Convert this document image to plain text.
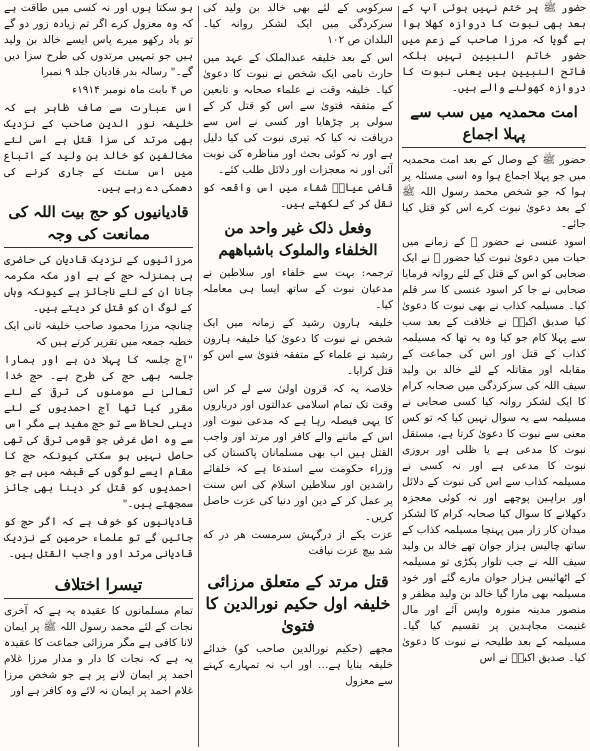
حضور ﷺ پر ختم نہیں ہوئی آپ کے بعد بھی نبوت کا دروازہ کھلا ہوا ہے گویا کہ مرزا صاحب کے زعم میں حضور خاتم النبیین نہیں بلکہ فاتح النبیین ہیں یعنی نبوت کا دروازہ کھولنے والے ہیں۔

امت محمدیہ میں سب سے پہلا اجماع

حضور ﷺ کے وصال کے بعد امت محمدیہ میں جو پہلا اجماع ہوا وہ اسی مسئلہ پر ہوا کہ جو شخص محمد رسول اللہ ﷺ کے بعد دعویٰ نبوت کرے اس کو قتل کیا جائے۔

اسود عنسی نے حضور ﷺ کے زمانے میں حیات میں دعویٰ نبوت کیا حضور ﷺ نے ایک صحابی کو اس کے قتل کے لئے روانہ فرمایا صحابی نے جا کر اسود عنسی کا سر قلم کیا۔ مسیلمہ کذاب نے بھی نبوت کا دعویٰ کیا صدیق اکبرؓ نے خلافت کے بعد سب سے پہلا کام جو کیا وہ یہ تھا کہ مسیلمہ کذاب کے قتل اور اس کی جماعت کے مقابلہ اور مقاتلہ کے لئے خالد بن ولید سیف اللہ کی سرکردگی میں صحابہ کرام کا ایک لشکر روانہ کیا کسی صحابی نے مسیلمہ سے یہ سوال نہیں کیا کہ تو کس معنی سے نبوت کا دعویٰ کرتا ہے، مستقل نبوت کا مدعی ہے یا ظلی اور بروزی نبوت کا مدعی ہے اور نہ کسی نے مسیلمہ کذاب سے اس کی نبوت کے دلائل اور براہین پوچھے اور نہ کوئی معجزہ دکھلانے کا سوال کیا صحابہ کرام کا لشکر میدان کار زار میں پہنچا مسیلمہ کذاب کے ساتھ چالیس ہزار جوان تھے خالد بن ولید سیف اللہ نے جب تلوار پکڑی تو مسیلمہ کے اٹھائیس ہزار جوان مارے گئے اور خود مسیلمہ بھی مارا گیا خالد بن ولید مظفر و منصور مدینہ منورہ واپس آئے اور مال غنیمت مجاہدین پر تقسیم کیا گیا۔ مسیلمہ کے بعد طلیحہ نے نبوت کا دعویٰ کیا۔ صدیق اکبرؓ نے اس

سرکوبی کے لئے بھی خالد بن ولید کی سرکردگی میں ایک لشکر روانہ کیا۔ البلدان ص ۱۰۲

اس کے بعد خلیفہ عبدالملک کے عہد میں حارث نامی ایک شخص نے نبوت کا دعویٰ کیا۔ خلیفہ وقت نے علماء صحابہ و تابعین کے متفقہ فتویٰ سے اس کو قتل کر کے سولی پر چڑھایا اور کسی نے اس سے دریافت نہ کیا کہ تیری نبوت کی کیا دلیل ہے اور نہ کوئی بحث اور مناظرہ کی نوبت آئی اور نہ معجزات اور دلائل طلب کئے۔

قاضی عیاضؒ شفاء میں اس واقعہ کو نقل کر کے لکھتے ہیں۔

وفعل ذلک غیر واحد من الخلفاء والملوک باشباههم

ترجمہ: بہت سے خلفاء اور سلاطین نے مدعیان نبوت کے ساتھ ایسا ہی معاملہ کیا۔

خلیفہ ہارون رشید کے زمانہ میں ایک شخص نے نبوت کا دعویٰ کیا خلیفہ ہارون رشید نے علماء کے متفقہ فتویٰ سے اس کو قتل کرایا۔

خلاصہ یہ کہ قرون اولیٰ سے لے کر اس وقت تک تمام اسلامی عدالتوں اور درباروں کا یہی فیصلہ رہا ہے کہ مدعی نبوت اور اس کے ماننے والے کافر اور مرتد اور واجب القتل ہیں اب بھی مسلمانان پاکستان کی وزراء حکومت سے استدعا ہے کہ خلفائے راشدین اور سلاطین اسلام کی اس سنت پر عمل کر کے دین اور دنیا کی عزت حاصل کریں۔

عزت یکے از درگہش سرمست هر در که شد بیچ عزت نیافت

قتل مرتد کے متعلق مرزائی خلیفہ اول حکیم نورالدین کا فتویٰ

مجھے (حکیم نورالدین صاحب کو) خدائے خلیفہ بنایا ہے… اور اب نہ تمہارے کہنے سے معزول

ہو سکتا ہوں اور نہ کسی میں طاقت ہے کہ وہ معزول کرے اگر تم زیادہ زور دو گے تو یاد رکھو میرے پاس ایسے خالد بن ولید ہیں جو تمہیں مرتدوں کی طرح سزا دیں گے۔" رسالہ بدر قادیان جلد ۹ نمبرا

ص ۴ بابت ماہ نومبر ۱۹۱۴ء

اس عبارت سے صاف ظاہر ہے کہ خلیفہ نور الدین صاحب کے نزدیک بھی مرتد کی سزا قتل ہے اسی لئے مخالفین کو خالد بن ولید کے اتباع میں اس سنت کے جاری کرنے کی دھمکی دے رہے ہیں۔

قادیانیوں کو حج بیت اللہ کی ممانعت کی وجہ

مرزائیوں کے نزدیک قادیان کی حاضری ہی بمنزلہ حج کے ہے اور مکہ مکرمہ جانا ان کے لئے ناجائز ہے کیونکہ وہاں کے لوگ ان کو قتل کر دیتے ہیں۔

چنانچہ مرزا محمود صاحب خلیفہ ثانی ایک خطبہ جمعہ میں تقریر کرتے ہیں کہ

"آج جلسہ کا پہلا دن ہے اور ہمارا جلسہ بھی حج کی طرح ہے۔ حج خدا تعالیٰ نے مومنوں کی ترقی کے لئے مقرر کیا تھا آج احمدیوں کے لئے دینی لحاظ سے تو حج مفید ہے مگر اس سے وہ اصل غرض جو قومی ترقی کی تھی حاصل نہیں ہو سکتی کیونکہ حج کا مقام ایسے لوگوں کے قبضہ میں ہے جو احمدیوں کو قتل کر دینا بھی جائز سمجھتے ہیں۔"

قادیانیوں کو خوف ہے کہ اگر حج کو جائیں گے تو علماء حرمین کے نزدیک قادیانی مرتد اور واجب القتل ہیں۔

تیسرا اختلاف

تمام مسلمانوں کا عقیدہ یہ ہے کہ آخری نجات کے لئے محمد رسول اللہ ﷺ پر ایمان لانا کافی ہے مگر مرزائی جماعت کا عقیدہ یہ ہے کہ نجات کا دار و مدار مرزا غلام احمد پر ایمان لانے پر ہے جو شخص مرزا غلام احمد پر ایمان نہ لائے وہ کافر ہے اور
